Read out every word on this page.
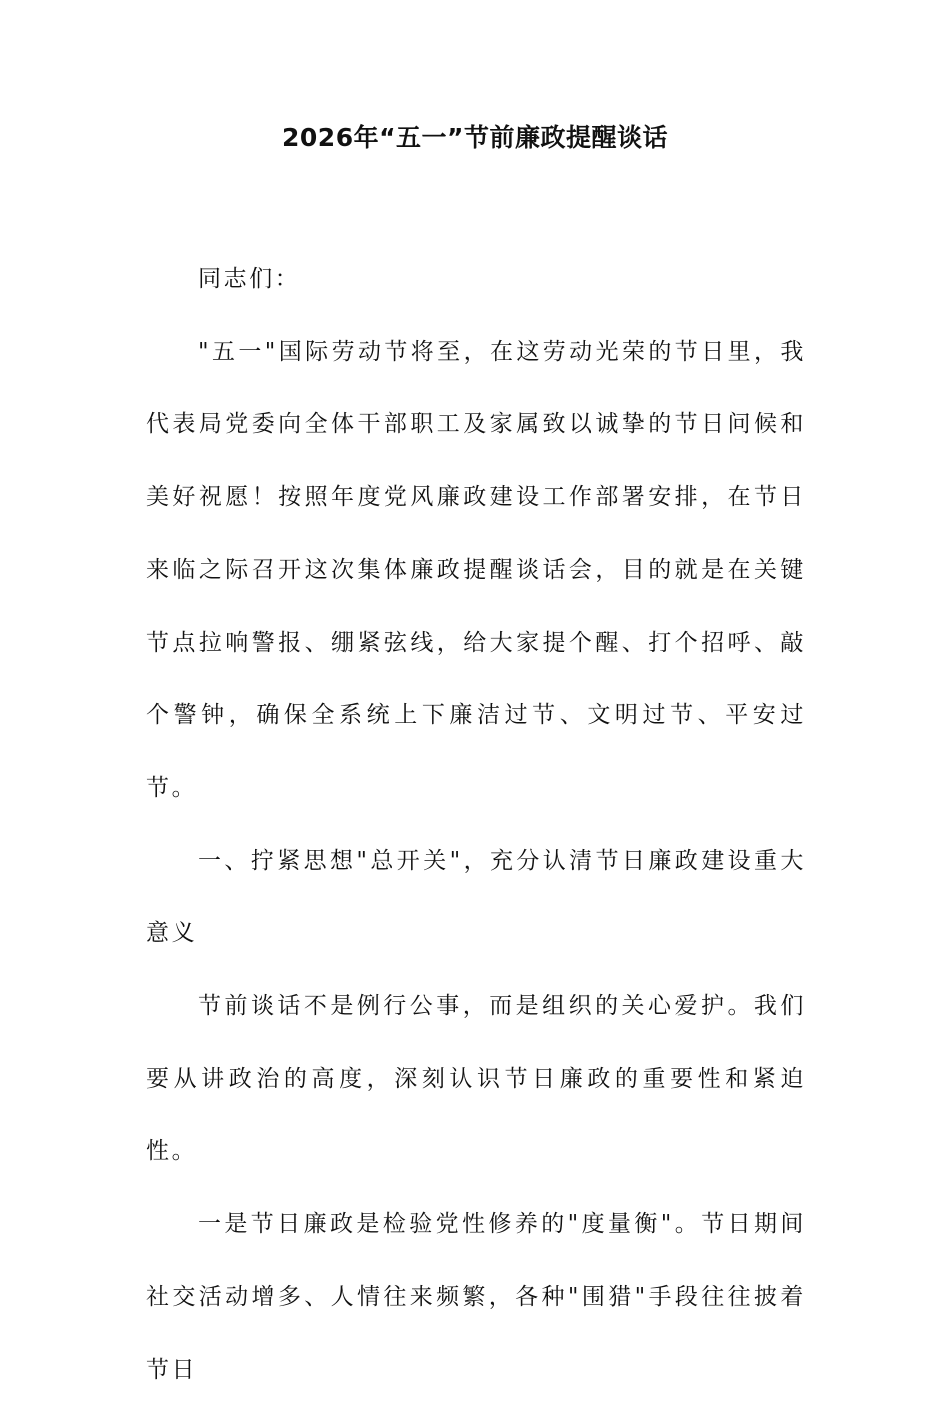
2026年“五一”节前廉政提醒谈话

同志们：

"五一"国际劳动节将至，在这劳动光荣的节日里，我代表局党委向全体干部职工及家属致以诚挚的节日问候和美好祝愿！按照年度党风廉政建设工作部署安排，在节日来临之际召开这次集体廉政提醒谈话会，目的就是在关键节点拉响警报、绷紧弦线，给大家提个醒、打个招呼、敲个警钟，确保全系统上下廉洁过节、文明过节、平安过节。

一、拧紧思想"总开关"，充分认清节日廉政建设重大意义

节前谈话不是例行公事，而是组织的关心爱护。我们要从讲政治的高度，深刻认识节日廉政的重要性和紧迫性。

一是节日廉政是检验党性修养的"度量衡"。节日期间社交活动增多、人情往来频繁，各种"围猎"手段往往披着节日
